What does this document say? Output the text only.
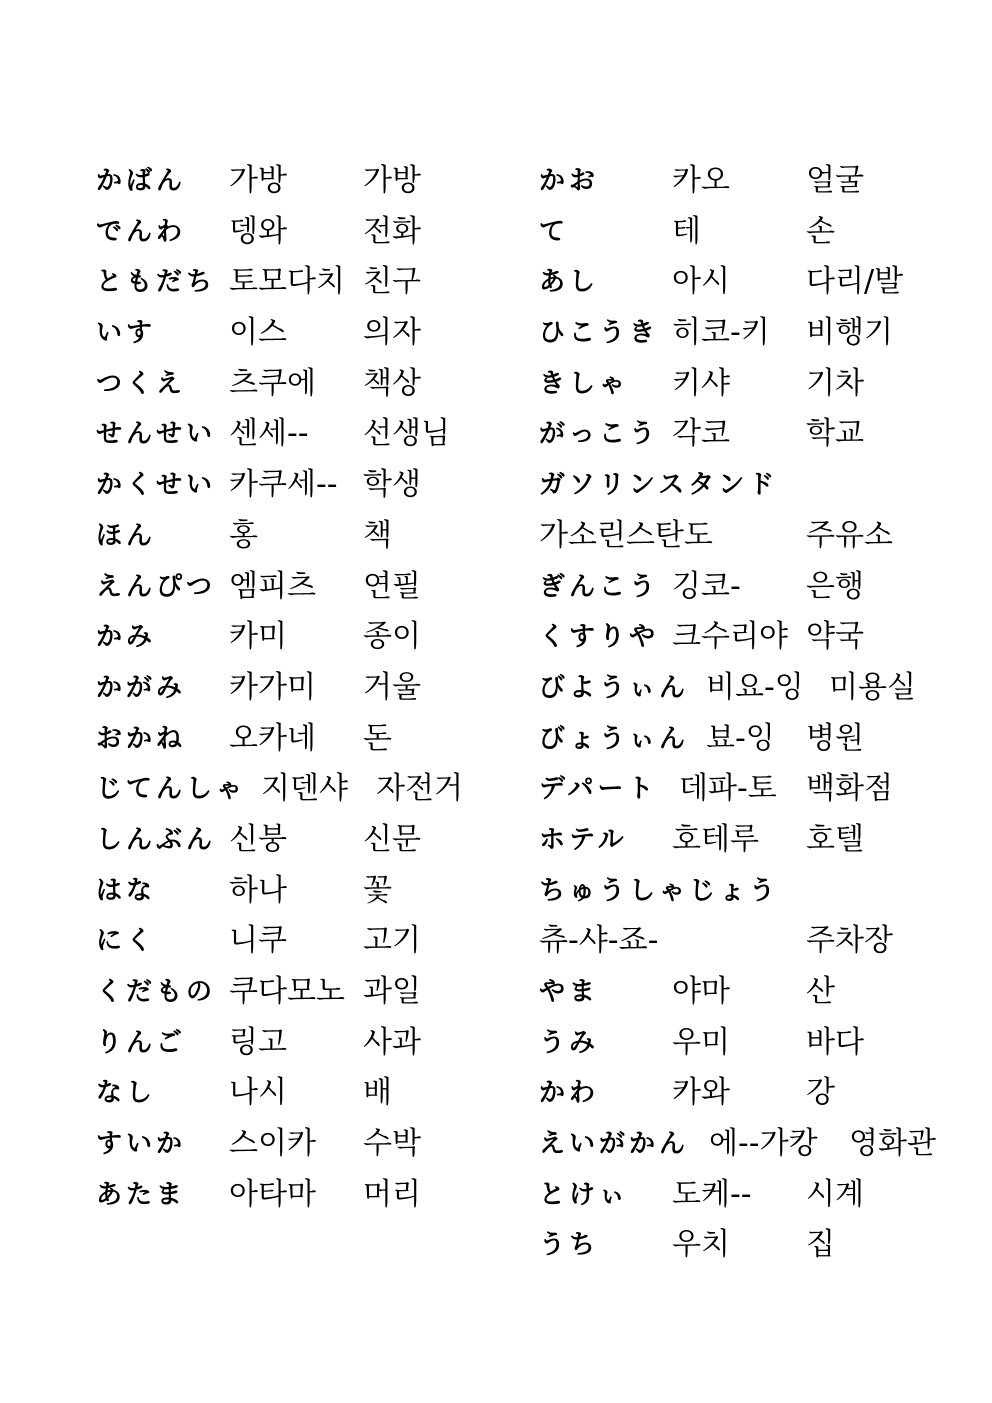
かばん 가방	가방
でんわ 뎅와	전화
ともだち 토모다치 친구
いす 이스	의자
つくえ 츠쿠에 책상
せんせい 센세-- 선생님
かくせい 카쿠세-- 학생
ほん 홍	책
えんぴつ 엠피츠 연필
かみ 카미	종이
かがみ 카가미 거울
おかね 오카네 돈
じてんしゃ 지덴샤 자전거
しんぶん 신붕	신문
はな 하나	꽃
にく 니쿠	고기
くだもの 쿠다모노 과일
りんご 링고	사과
なし 나시	배
すいか 스이카 수박
あたま 아타마 머리
かお 카오	얼굴
て	테	손
あし 아시	다리/발
ひこうき 히코-키 비행기
きしゃ 키샤	기차
がっこう 각코	학교
ガソリンスタンド
가소린스탄도	주유소
ぎんこう 깅코- 은행
くすりや 크수리야 약국
びようぃん 비요-잉 미용실
びょうぃん 뵤-잉 병원
デパート 데파-토 백화점
ホテル 호테루 호텔
ちゅうしゃじょう
츄-샤-죠-	주차장
やま 야마	산
うみ 우미	바다
かわ 카와	강
えいがかん 에--가캉 영화관
とけぃ 도케-- 시계
うち 우치	집
